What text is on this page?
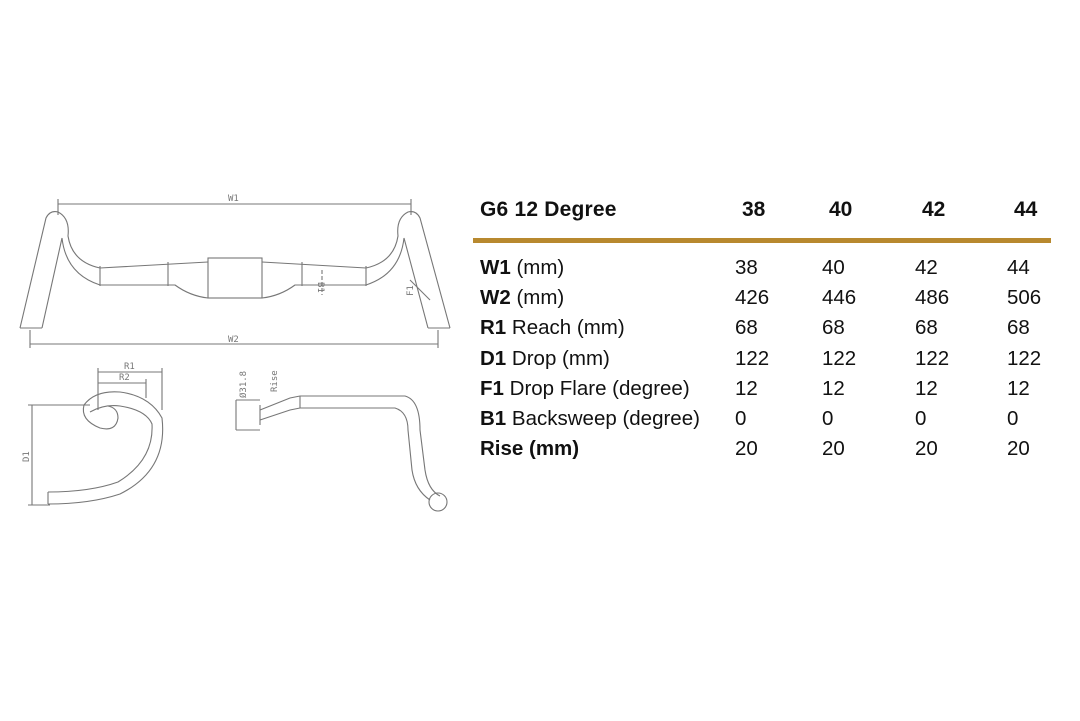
W1
W2
B1	F1
R1
R2
D1
Ø31.8 Rise
G6 12 Degree	38	40	42	44
W1 (mm)	38	40	42	44
W2 (mm)	426	446	486	506
R1 Reach (mm)	68	68	68	68
D1 Drop (mm)	122	122	122	122
F1 Drop Flare (degree) 12	12	12	12
B1 Backsweep (degree) 0	0	0	0
Rise (mm)	20	20	20	20
